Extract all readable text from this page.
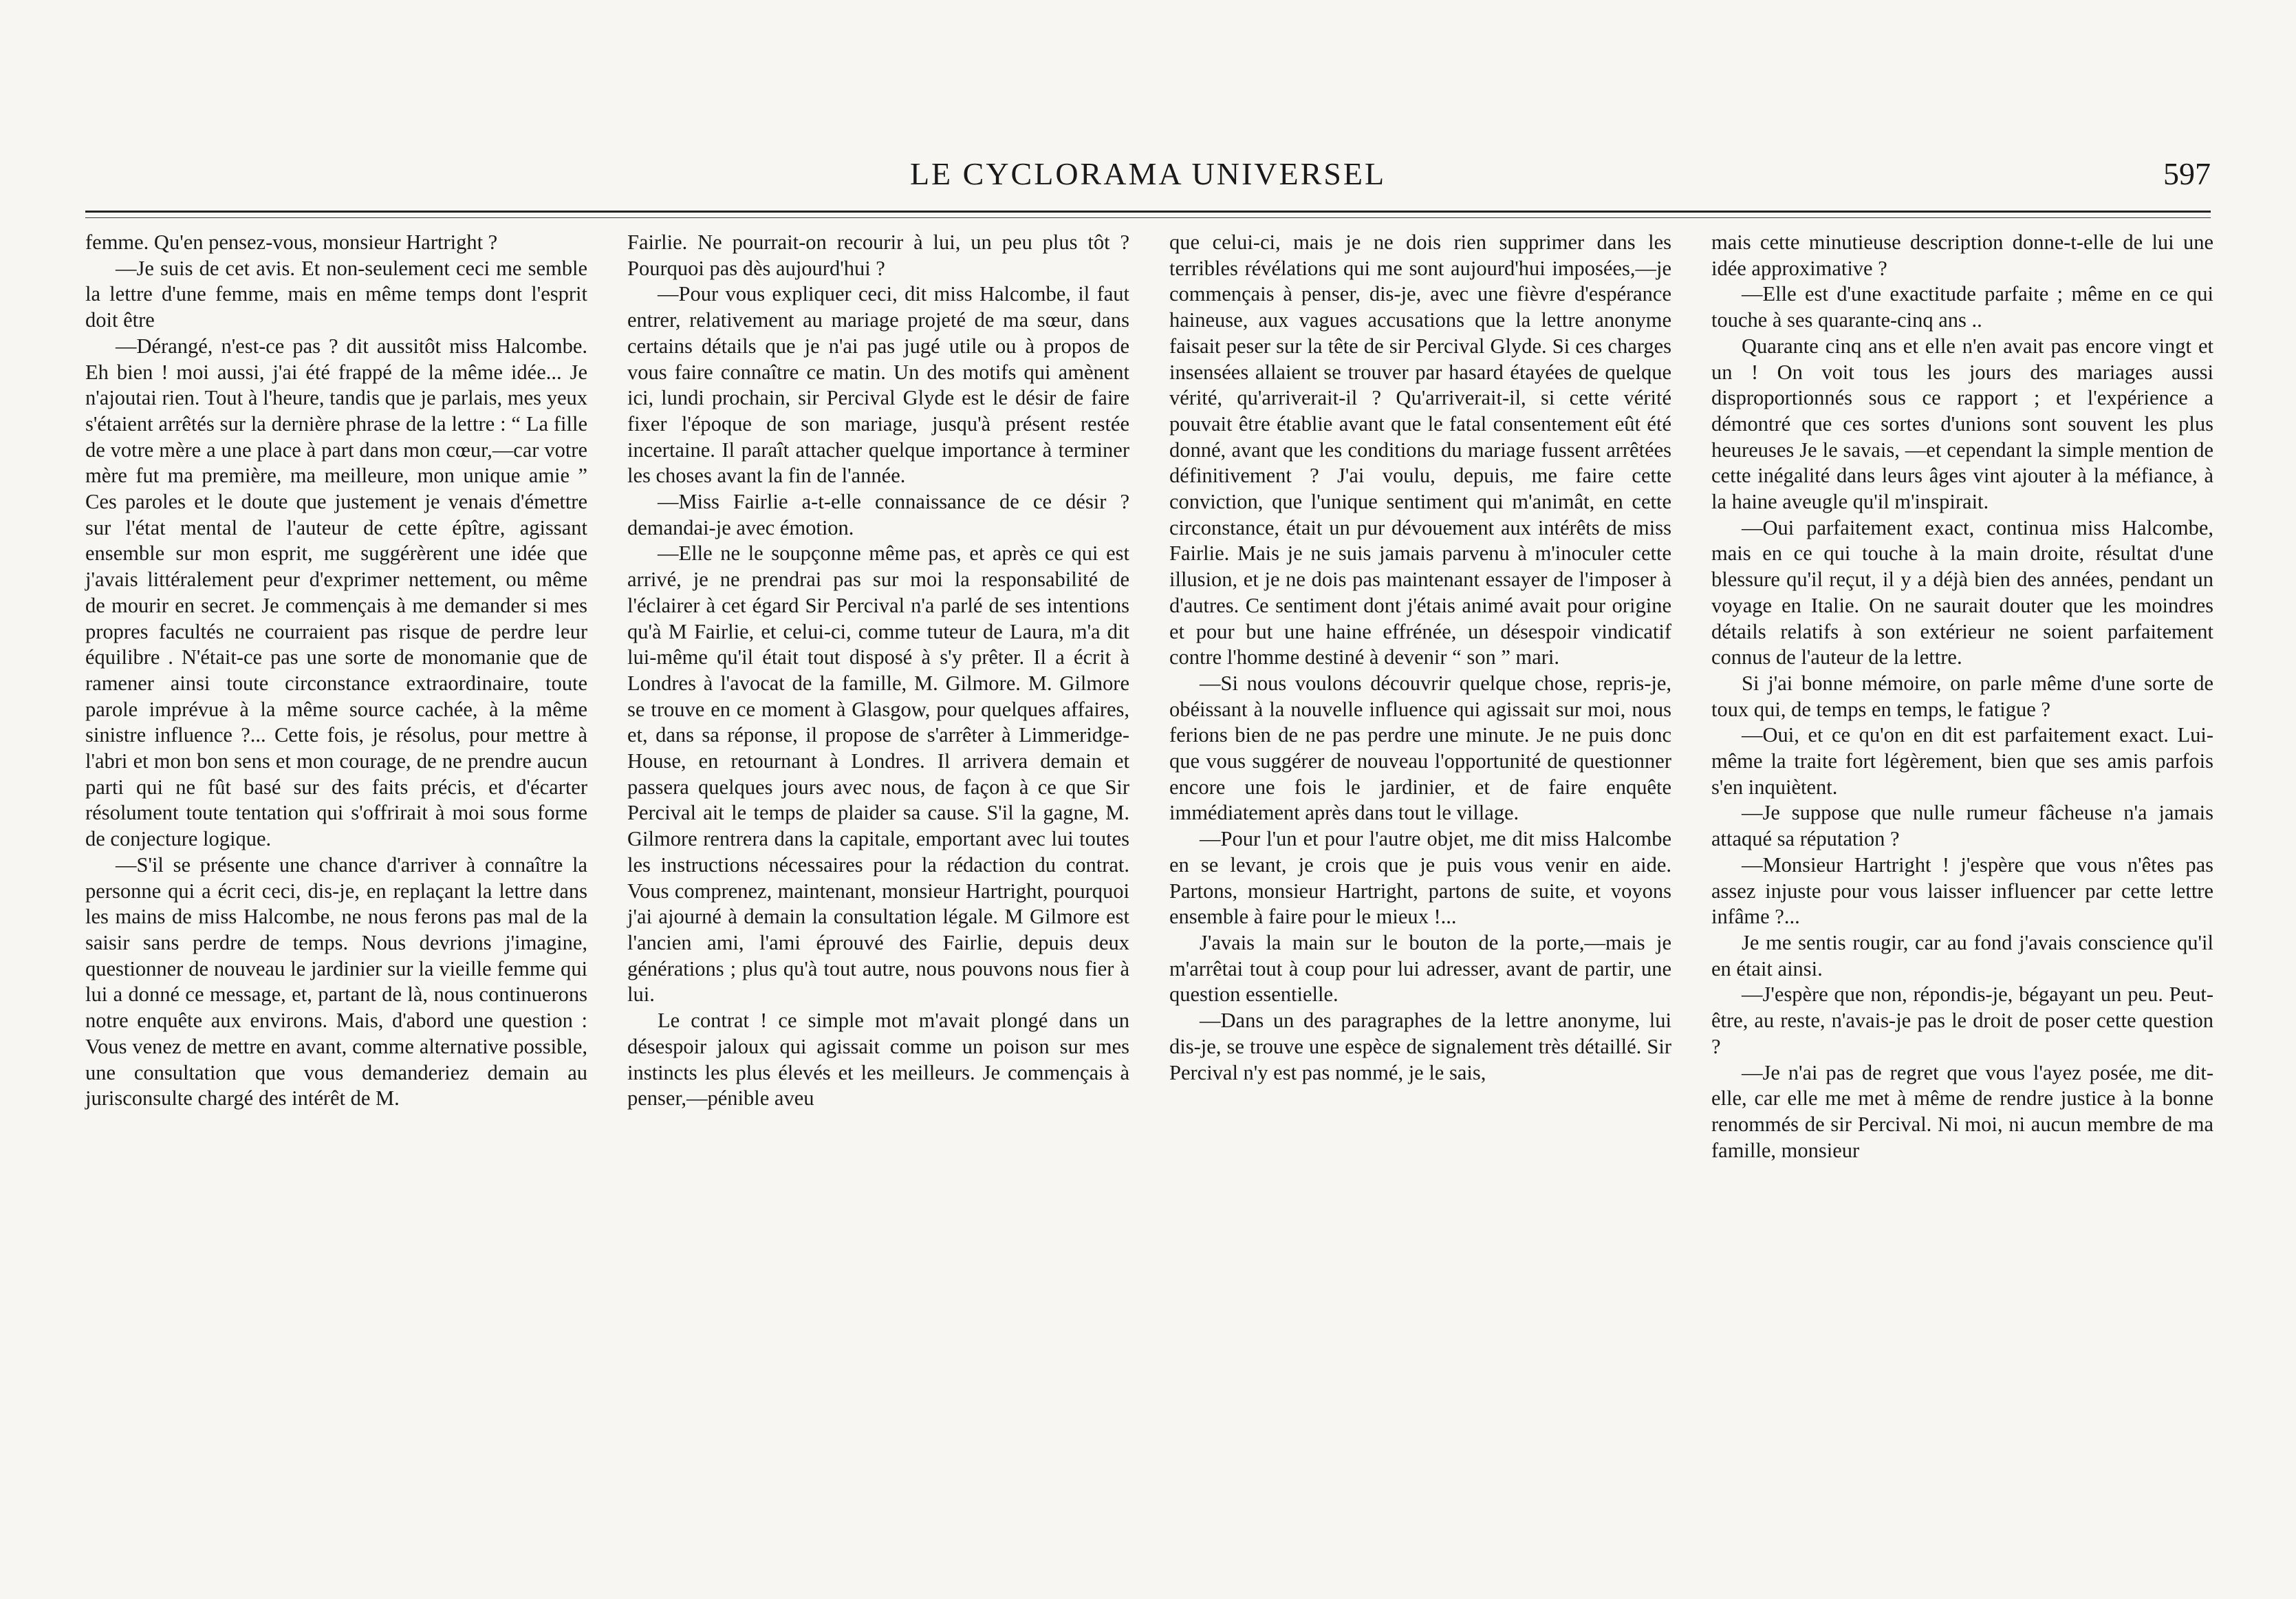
LE CYCLORAMA UNIVERSEL	597

femme. Qu'en pensez-vous, monsieur Hartright ?

—Je suis de cet avis. Et non-seulement ceci me semble la lettre d'une femme, mais en même temps dont l'esprit doit être

—Dérangé, n'est-ce pas ? dit aussitôt miss Halcombe. Eh bien ! moi aussi, j'ai été frappé de la même idée... Je n'ajoutai rien. Tout à l'heure, tandis que je parlais, mes yeux s'étaient arrêtés sur la dernière phrase de la lettre : “ La fille de votre mère a une place à part dans mon cœur,—car votre mère fut ma première, ma meilleure, mon unique amie ” Ces paroles et le doute que justement je venais d'émettre sur l'état mental de l'auteur de cette épître, agissant ensemble sur mon esprit, me suggérèrent une idée que j'avais littéralement peur d'exprimer nettement, ou même de mourir en secret. Je commençais à me demander si mes propres facultés ne courraient pas risque de perdre leur équilibre . N'était-ce pas une sorte de monomanie que de ramener ainsi toute circonstance extraordinaire, toute parole imprévue à la même source cachée, à la même sinistre influence ?... Cette fois, je résolus, pour mettre à l'abri et mon bon sens et mon courage, de ne prendre aucun parti qui ne fût basé sur des faits précis, et d'écarter résolument toute tentation qui s'offrirait à moi sous forme de conjecture logique.

—S'il se présente une chance d'arriver à connaître la personne qui a écrit ceci, dis-je, en replaçant la lettre dans les mains de miss Halcombe, ne nous ferons pas mal de la saisir sans perdre de temps. Nous devrions j'imagine, questionner de nouveau le jardinier sur la vieille femme qui lui a donné ce message, et, partant de là, nous continuerons notre enquête aux environs. Mais, d'abord une question : Vous venez de mettre en avant, comme alternative possible, une consultation que vous demanderiez demain au jurisconsulte chargé des intérêt de M.

Fairlie. Ne pourrait-on recourir à lui, un peu plus tôt ? Pourquoi pas dès aujourd'hui ?

—Pour vous expliquer ceci, dit miss Halcombe, il faut entrer, relativement au mariage projeté de ma sœur, dans certains détails que je n'ai pas jugé utile ou à propos de vous faire connaître ce matin. Un des motifs qui amènent ici, lundi prochain, sir Percival Glyde est le désir de faire fixer l'époque de son mariage, jusqu'à présent restée incertaine. Il paraît attacher quelque importance à terminer les choses avant la fin de l'année.

—Miss Fairlie a-t-elle connaissance de ce désir ? demandai-je avec émotion.

—Elle ne le soupçonne même pas, et après ce qui est arrivé, je ne prendrai pas sur moi la responsabilité de l'éclairer à cet égard Sir Percival n'a parlé de ses intentions qu'à M Fairlie, et celui-ci, comme tuteur de Laura, m'a dit lui-même qu'il était tout disposé à s'y prêter. Il a écrit à Londres à l'avocat de la famille, M. Gilmore. M. Gilmore se trouve en ce moment à Glasgow, pour quelques affaires, et, dans sa réponse, il propose de s'arrêter à Limmeridge-House, en retournant à Londres. Il arrivera demain et passera quelques jours avec nous, de façon à ce que Sir Percival ait le temps de plaider sa cause. S'il la gagne, M. Gilmore rentrera dans la capitale, emportant avec lui toutes les instructions nécessaires pour la rédaction du contrat. Vous comprenez, maintenant, monsieur Hartright, pourquoi j'ai ajourné à demain la consultation légale. M Gilmore est l'ancien ami, l'ami éprouvé des Fairlie, depuis deux générations ; plus qu'à tout autre, nous pouvons nous fier à lui.

Le contrat ! ce simple mot m'avait plongé dans un désespoir jaloux qui agissait comme un poison sur mes instincts les plus élevés et les meilleurs. Je commençais à penser,—pénible aveu

que celui-ci, mais je ne dois rien supprimer dans les terribles révélations qui me sont aujourd'hui imposées,—je commençais à penser, dis-je, avec une fièvre d'espérance haineuse, aux vagues accusations que la lettre anonyme faisait peser sur la tête de sir Percival Glyde. Si ces charges insensées allaient se trouver par hasard étayées de quelque vérité, qu'arriverait-il ? Qu'arriverait-il, si cette vérité pouvait être établie avant que le fatal consentement eût été donné, avant que les conditions du mariage fussent arrêtées définitivement ? J'ai voulu, depuis, me faire cette conviction, que l'unique sentiment qui m'animât, en cette circonstance, était un pur dévouement aux intérêts de miss Fairlie. Mais je ne suis jamais parvenu à m'inoculer cette illusion, et je ne dois pas maintenant essayer de l'imposer à d'autres. Ce sentiment dont j'étais animé avait pour origine et pour but une haine effrénée, un désespoir vindicatif contre l'homme destiné à devenir “ son ” mari.

—Si nous voulons découvrir quelque chose, repris-je, obéissant à la nouvelle influence qui agissait sur moi, nous ferions bien de ne pas perdre une minute. Je ne puis donc que vous suggérer de nouveau l'opportunité de questionner encore une fois le jardinier, et de faire enquête immédiatement après dans tout le village.

—Pour l'un et pour l'autre objet, me dit miss Halcombe en se levant, je crois que je puis vous venir en aide. Partons, monsieur Hartright, partons de suite, et voyons ensemble à faire pour le mieux !...

J'avais la main sur le bouton de la porte,—mais je m'arrêtai tout à coup pour lui adresser, avant de partir, une question essentielle.

—Dans un des paragraphes de la lettre anonyme, lui dis-je, se trouve une espèce de signalement très détaillé. Sir Percival n'y est pas nommé, je le sais,

mais cette minutieuse description donne-t-elle de lui une idée approximative ?

—Elle est d'une exactitude parfaite ; même en ce qui touche à ses quarante-cinq ans ..

Quarante cinq ans et elle n'en avait pas encore vingt et un ! On voit tous les jours des mariages aussi disproportionnés sous ce rapport ; et l'expérience a démontré que ces sortes d'unions sont souvent les plus heureuses Je le savais, —et cependant la simple mention de cette inégalité dans leurs âges vint ajouter à la méfiance, à la haine aveugle qu'il m'inspirait.

—Oui parfaitement exact, continua miss Halcombe, mais en ce qui touche à la main droite, résultat d'une blessure qu'il reçut, il y a déjà bien des années, pendant un voyage en Italie. On ne saurait douter que les moindres détails relatifs à son extérieur ne soient parfaitement connus de l'auteur de la lettre.

Si j'ai bonne mémoire, on parle même d'une sorte de toux qui, de temps en temps, le fatigue ?

—Oui, et ce qu'on en dit est parfaitement exact. Lui-même la traite fort légèrement, bien que ses amis parfois s'en inquiètent.

—Je suppose que nulle rumeur fâcheuse n'a jamais attaqué sa réputation ?

—Monsieur Hartright ! j'espère que vous n'êtes pas assez injuste pour vous laisser influencer par cette lettre infâme ?...

Je me sentis rougir, car au fond j'avais conscience qu'il en était ainsi.

—J'espère que non, répondis-je, bégayant un peu. Peut-être, au reste, n'avais-je pas le droit de poser cette question ?

—Je n'ai pas de regret que vous l'ayez posée, me dit-elle, car elle me met à même de rendre justice à la bonne renommés de sir Percival. Ni moi, ni aucun membre de ma famille, monsieur
